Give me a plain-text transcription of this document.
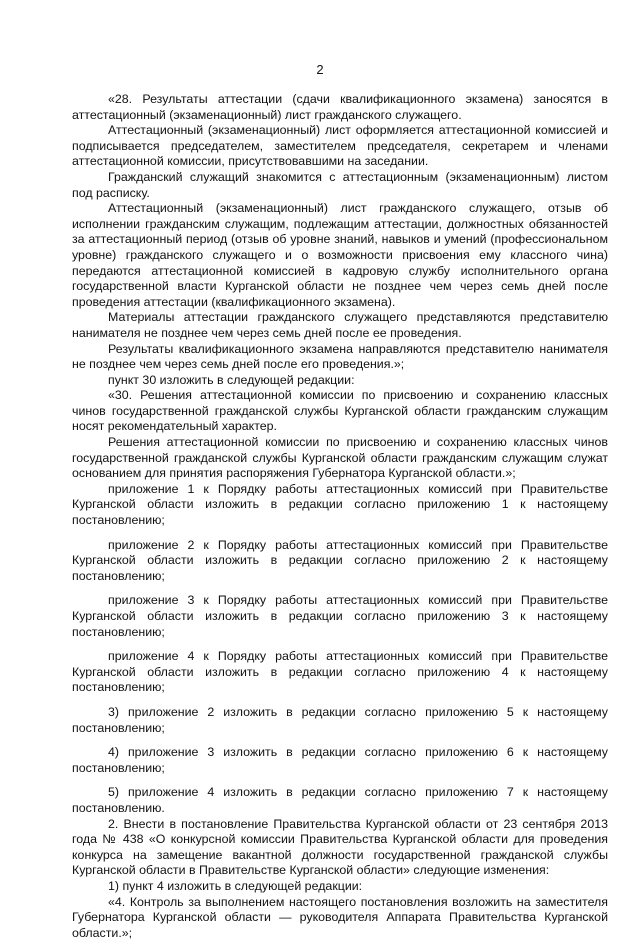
2

«28. Результаты аттестации (сдачи квалификационного экзамена) заносятся в аттестационный (экзаменационный) лист гражданского служащего.

Аттестационный (экзаменационный) лист оформляется аттестационной комиссией и подписывается председателем, заместителем председателя, секретарем и членами аттестационной комиссии, присутствовавшими на заседании.

Гражданский служащий знакомится с аттестационным (экзаменационным) листом под расписку.

Аттестационный (экзаменационный) лист гражданского служащего, отзыв об исполнении гражданским служащим, подлежащим аттестации, должностных обязанностей за аттестационный период (отзыв об уровне знаний, навыков и умений (профессиональном уровне) гражданского служащего и о возможности присвоения ему классного чина) передаются аттестационной комиссией в кадровую службу исполнительного органа государственной власти Курганской области не позднее чем через семь дней после проведения аттестации (квалификационного экзамена).

Материалы аттестации гражданского служащего представляются представителю нанимателя не позднее чем через семь дней после ее проведения.

Результаты квалификационного экзамена направляются представителю нанимателя не позднее чем через семь дней после его проведения.»;

пункт 30 изложить в следующей редакции:

«30. Решения аттестационной комиссии по присвоению и сохранению классных чинов государственной гражданской службы Курганской области гражданским служащим носят рекомендательный характер.

Решения аттестационной комиссии по присвоению и сохранению классных чинов государственной гражданской службы Курганской области гражданским служащим служат основанием для принятия распоряжения Губернатора Курганской области.»;

приложение 1 к Порядку работы аттестационных комиссий при Правительстве Курганской области изложить в редакции согласно приложению 1 к настоящему постановлению;

приложение 2 к Порядку работы аттестационных комиссий при Правительстве Курганской области изложить в редакции согласно приложению 2 к настоящему постановлению;

приложение 3 к Порядку работы аттестационных комиссий при Правительстве Курганской области изложить в редакции согласно приложению 3 к настоящему постановлению;

приложение 4 к Порядку работы аттестационных комиссий при Правительстве Курганской области изложить в редакции согласно приложению 4 к настоящему постановлению;

3) приложение 2 изложить в редакции согласно приложению 5 к настоящему постановлению;

4) приложение 3 изложить в редакции согласно приложению 6 к настоящему постановлению;

5) приложение 4 изложить в редакции согласно приложению 7 к настоящему постановлению.

2. Внести в постановление Правительства Курганской области от 23 сентября 2013 года № 438 «О конкурсной комиссии Правительства Курганской области для проведения конкурса на замещение вакантной должности государственной гражданской службы Курганской области в Правительстве Курганской области» следующие изменения:

1) пункт 4 изложить в следующей редакции:

«4. Контроль за выполнением настоящего постановления возложить на заместителя Губернатора Курганской области — руководителя Аппарата Правительства Курганской области.»;
